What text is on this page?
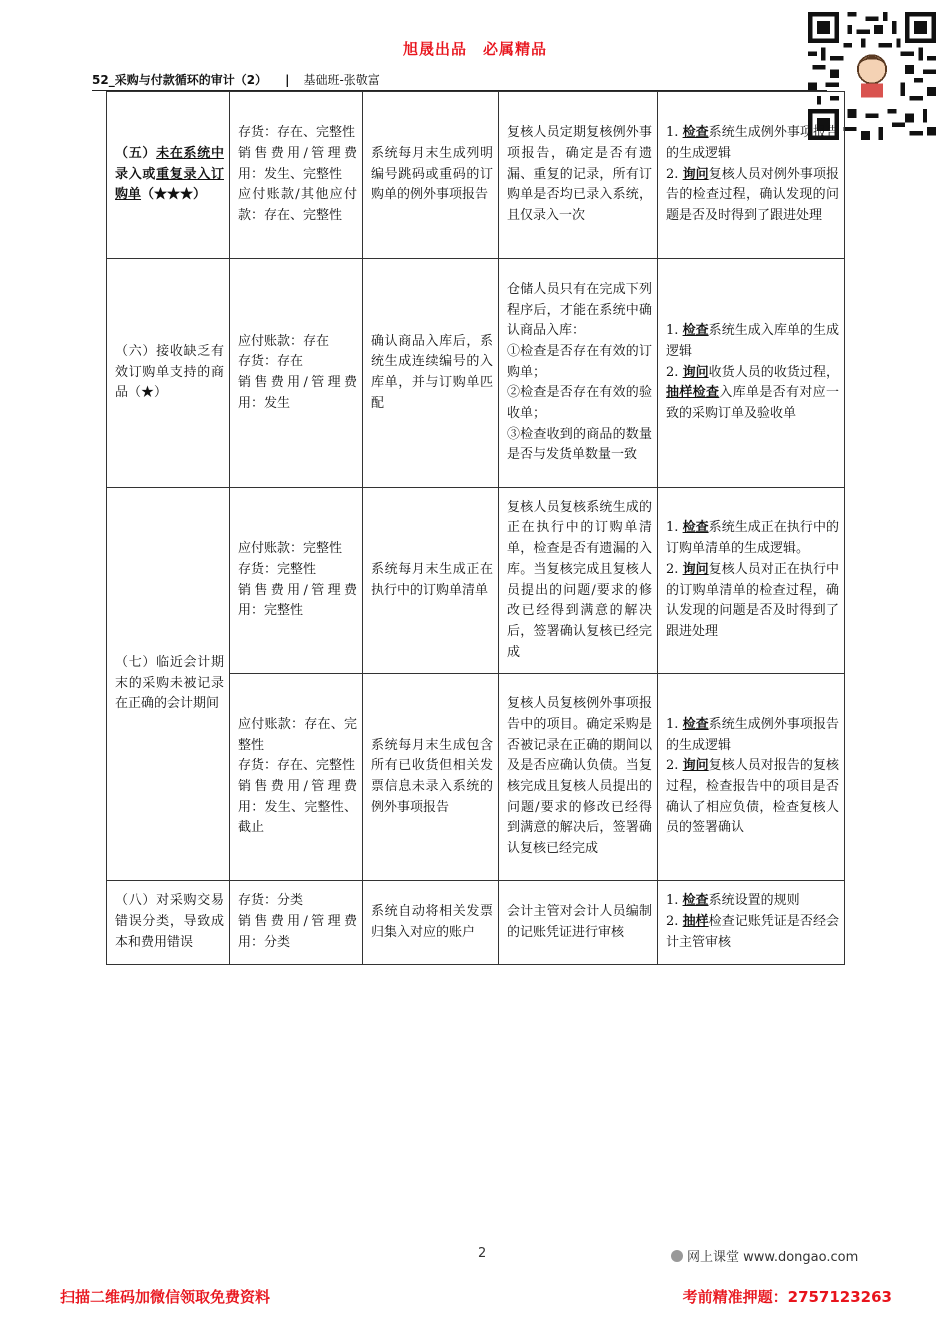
旭晟出品　必属精品
52_采购与付款循环的审计（2） | 基础班-张敬富
（五）未在系统中录入或重复录入订购单（★★★）	存货：存在、完整性
销售费用/管理费用：发生、完整性
应付账款/其他应付款：存在、完整性	系统每月末生成列明编号跳码或重码的订购单的例外事项报告	复核人员定期复核例外事项报告，确定是否有遗漏、重复的记录，所有订购单是否均已录入系统，且仅录入一次	1. 检查系统生成例外事项报告的生成逻辑
2. 询问复核人员对例外事项报告的检查过程，确认发现的问题是否及时得到了跟进处理

（六）接收缺乏有效订购单支持的商品（★）	应付账款：存在
存货：存在
销售费用/管理费用：发生	确认商品入库后，系统生成连续编号的入库单，并与订购单匹配	仓储人员只有在完成下列程序后，才能在系统中确认商品入库：
①检查是否存在有效的订购单；
②检查是否存在有效的验收单；
③检查收到的商品的数量是否与发货单数量一致	1. 检查系统生成入库单的生成逻辑
2. 询问收货人员的收货过程，抽样检查入库单是否有对应一致的采购订单及验收单

（七）临近会计期末的采购未被记录在正确的会计期间	应付账款：完整性
存货：完整性
销售费用/管理费用：完整性	系统每月末生成正在执行中的订购单清单	复核人员复核系统生成的正在执行中的订购单清单，检查是否有遗漏的入库。当复核完成且复核人员提出的问题/要求的修改已经得到满意的解决后，签署确认复核已经完成	1. 检查系统生成正在执行中的订购单清单的生成逻辑。
2. 询问复核人员对正在执行中的订购单清单的检查过程，确认发现的问题是否及时得到了跟进处理

	应付账款：存在、完整性
存货：存在、完整性
销售费用/管理费用：发生、完整性、截止	系统每月末生成包含所有已收货但相关发票信息未录入系统的例外事项报告	复核人员复核例外事项报告中的项目。确定采购是否被记录在正确的期间以及是否应确认负债。当复核完成且复核人员提出的问题/要求的修改已经得到满意的解决后，签署确认复核已经完成	1. 检查系统生成例外事项报告的生成逻辑
2. 询问复核人员对报告的复核过程，检查报告中的项目是否确认了相应负债，检查复核人员的签署确认

（八）对采购交易错误分类，导致成本和费用错误	存货：分类
销售费用/管理费用：分类	系统自动将相关发票归集入对应的账户	会计主管对会计人员编制的记账凭证进行审核	1. 检查系统设置的规则
2. 抽样检查记账凭证是否经会计主管审核
2	网上课堂 www.dongao.com
扫描二维码加微信领取免费资料	考前精准押题：2757123263
